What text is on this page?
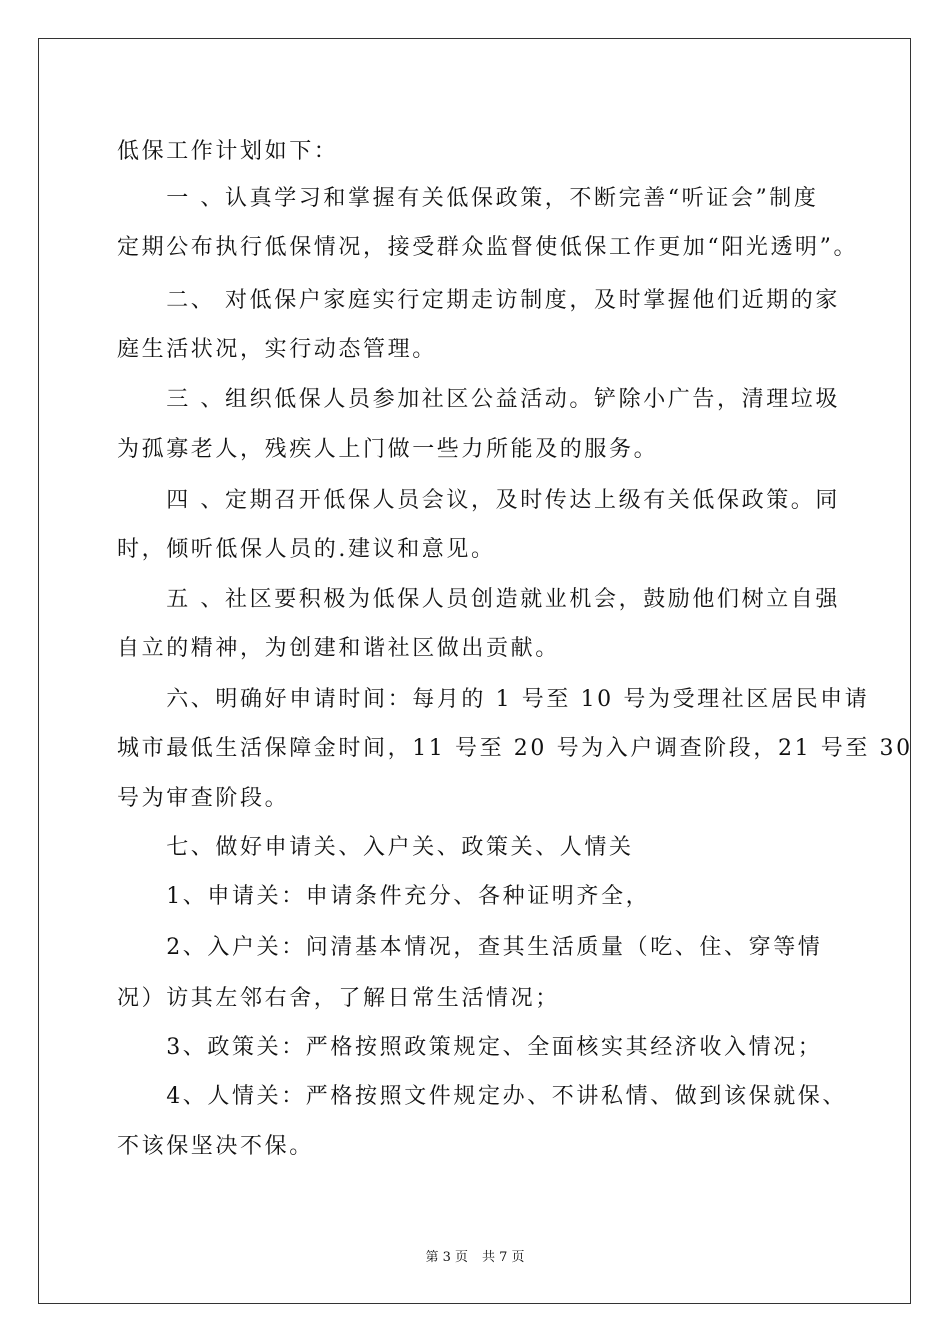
低保工作计划如下：
　　一 、认真学习和掌握有关低保政策，不断完善“听证会”制度
定期公布执行低保情况，接受群众监督使低保工作更加“阳光透明”。
　　二、 对低保户家庭实行定期走访制度，及时掌握他们近期的家
庭生活状况，实行动态管理。
　　三 、组织低保人员参加社区公益活动。铲除小广告，清理垃圾
为孤寡老人，残疾人上门做一些力所能及的服务。
　　四 、定期召开低保人员会议，及时传达上级有关低保政策。同
时，倾听低保人员的.建议和意见。
　　五 、社区要积极为低保人员创造就业机会，鼓励他们树立自强
自立的精神，为创建和谐社区做出贡献。
　　六、明确好申请时间：每月的 1 号至 10 号为受理社区居民申请
城市最低生活保障金时间，11 号至 20 号为入户调查阶段，21 号至 30
号为审查阶段。
　　七、做好申请关、入户关、政策关、人情关
　　1、申请关：申请条件充分、各种证明齐全，
　　2、入户关：问清基本情况，查其生活质量（吃、住、穿等情
况）访其左邻右舍，了解日常生活情况；
　　3、政策关：严格按照政策规定、全面核实其经济收入情况；
　　4、人情关：严格按照文件规定办、不讲私情、做到该保就保、
不该保坚决不保。
第 3 页 共 7 页
